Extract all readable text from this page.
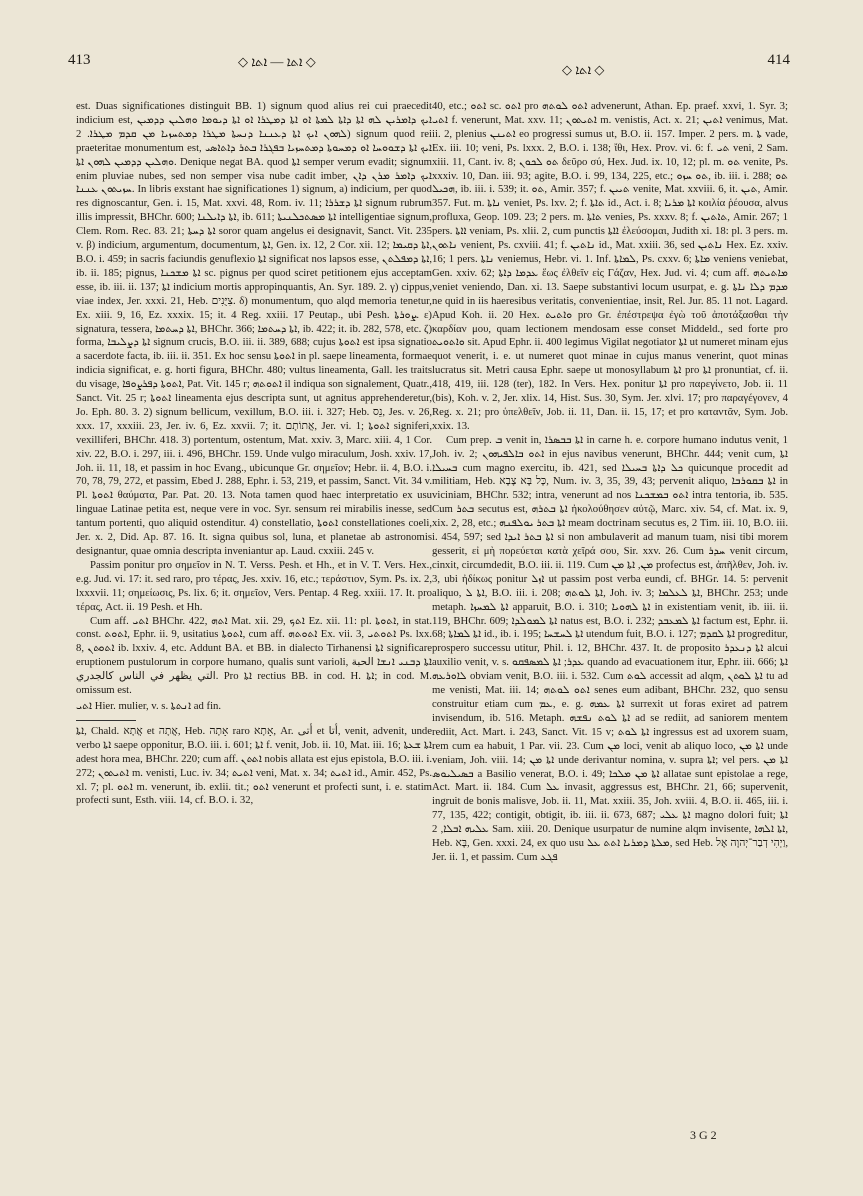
413	◇ ܐܬܐ — ܐܬܐ ◇
◇ ܐܬܐ ◇
414

est. Duas significationes distinguit BB. 1) signum quod alius rei cui praecedit indicium est, ܐܝܟ ܕܐܡܪܝܢ ܠܗ ܐܬܐ ܕܐܬܐ ܠܡܬܐ ܐܘ ܐܬܐ ܕܡܛܪܐ ܐܘ ܐܬܐ ܕܝܘܡܐ ܘܗܠܝܢ ܕܕܡܝܢ ܠܗܘܢ ܐܝܟ ܐܬܐ ܕܥܢܢܐ ܕܢܚܬܐ ܡܛܪܐ ܕܡܬܚܙܝܐ ܡܢ ܩܕܡ ܡܛܪܐ. 2) signum quod rei praeteritae monumentum est, ܐܝܟ ܐܬܐ ܕܫܘܘܚܐ ܐܘ ܕܡܚܘܬܐ ܕܡܬܚܙܝܐ ܒܦܓܪܐ ܒܬܪ ܕܐܬܐܣܝ ܘܗܠܝܢ ܕܕܡܝܢ ܠܗܘܢ ܐܬܐ. Denique negat BA. quod ܐܬܐ semper verum evadit; signum enim pluviae nubes, sed non semper visa nube cadit imber, ܐܝܟ ܕܐܡܪ ܡܪܢ ܕܐܢ ܚܙܝܬܘܢ ܥܢܢܐ. In libris exstant hae significationes 1) signum, a) indicium, per quod res dignoscantur, Gen. i. 15, Mat. xxvi. 48, Rom. iv. 11; ܐܬܐ ܕܫܪܪܐ signum rubrum illis impressit, BHChr. 600; ܐܬܐ ܕܐܝܠܢܐ, ib. 611; ܐܬܐ ܡܣܬܟܠܢܝܬܐ intelligentiae signum, Clem. Rom. Rec. 83. 21; ܐܬܐ ܕܚܬܐ soror quam angelus ei designavit, Sanct. Vit. 235 v. β) indicium, argumentum, documentum, ܐܬܐ, Gen. ix. 12, 2 Cor. xii. 12; ܐܬܐ ܕܩܝܡܐ, B.O. i. 459; in sacris faciundis genuflexio ܐܬܐ significat nos lapsos esse, ܐܬܐ ܕܡܦܠܬܢ, ib. ii. 185; pignus, ܐܬܐ ܡܫܟܢܐ sc. pignus per quod sciret petitionem ejus acceptam esse, ib. iii. ii. 137; ܐܬܐ indicium mortis appropinquantis, An. Syr. 189. 2. γ) cippus, viae index, Jer. xxxi. 21, Heb. צִיֻּנִים. δ) monumentum, quo alqd memoria tenetur, Ex. xiii. 9, 16, Ez. xxxix. 15; it. 4 Reg. xxiii. 17 Peutap., ubi Pesh. ܨܘܪܬܐ. ε) signatura, tessera, ܐܬܐ ܕܚܬܡܐ, BHChr. 366; ܐܬܐ ܕܚܬܡܐ, ib. 422; it. ib. 282, 578, etc. ζ) forma, ܐܬܐ ܕܨܠܝܒܐ signum crucis, B.O. iii. ii. 389, 688; cujus ܐܬܘܬܐ est ipsa signatio a sacerdote facta, ib. iii. ii. 351. Ex hoc sensu ܐܬܘܬܐ in pl. saepe lineamenta, formae indicia significat, e. g. horti figura, BHChr. 480; vultus lineamenta, Gall. les traits du visage, ܐܬܘܬܐ ܕܦܪܨܘܦܐ, Pat. Vit. 145 r; ܐܬܘܬܗ il indiqua son signalement, Quatr., Sanct. Vit. 25 r; ܐܬܘܬܐ lineamenta ejus descripta sunt, ut agnitus apprehenderetur, Jo. Eph. 80. 3. 2) signum bellicum, vexillum, B.O. iii. i. 327; Heb. נֵס, Jes. v. 26, xxx. 17, xxxiii. 23, Jer. iv. 6, Ez. xxvii. 7; it. אֲתוֹתָם, Jer. vi. 1; ܐܬܘܬܐ signiferi, vexilliferi, BHChr. 418. 3) portentum, ostentum, Mat. xxiv. 3, Marc. xiii. 4, 1 Cor. xiv. 22, B.O. i. 297, iii. i. 496, BHChr. 159. Unde vulgo miraculum, Josh. xxiv. 17, Joh. ii. 11, 18, et passim in hoc Evang., ubicunque Gr. σημεῖον; Hebr. ii. 4, B.O. i. 70, 78, 79, 272, et passim, Ebed J. 288, Ephr. i. 53, 219, et passim, Sanct. Vit. 34 v. Pl. ܐܬܘܬܐ θαύματα, Par. Pat. 20. 13. Nota tamen quod haec interpretatio ex usu linguae Latinae petita est, neque vere in voc. Syr. sensum rei mirabilis inesse, sed tantum portenti, quo aliquid ostenditur. 4) constellatio, ܐܬܘܬܐ constellationes coeli, Jer. x. 2, Did. Ap. 87. 16. It. signa quibus sol, luna, et planetae ab astronomis designantur, quae omnia descripta inveniantur ap. Laud. cxxiii. 245 v.

Passim ponitur pro σημεῖον in N. T. Verss. Pesh. et Hh., et in V. T. Vers. Hex., e.g. Jud. vi. 17: it. sed raro, pro τέρας, Jes. xxiv. 16, etc.; τεράστιον, Sym. Ps. ix. 2, lxxxvii. 11; σημείωσις, Ps. lix. 6; it. σημεῖον, Vers. Pentap. 4 Reg. xxiii. 17. It. pro τέρας, Act. ii. 19 Pesh. et Hh.

Cum aff. ܐܬܝ BHChr. 422, ܐܬܗ Mat. xii. 29, ܐܬܟ Ez. xii. 11: pl. ܐܬܘܬܐ, in stat. const. ܐܬܘܬ, Ephr. ii. 9, usitatius ܐܬܘܬܐ, cum aff. ܐܬܘܬܗ Ex. vii. 3, ܐܬܘܬܝ Ps. lxx. 8, ܐܬܘܬܢ ib. lxxiv. 4, etc. Addunt BA. et BB. in dialecto Tirhanensi ܐܬܐ significare eruptionem pustulorum in corpore humano, qualis sunt varioli, ܐܬܐ ܕܒܢܝ ܐܢܫܐ الحبة التي يظهر في الناس كالجدري. Pro ܐܬܐ rectius BB. in cod. H. ܐܬܐ; in cod. M. omissum est.

ܐܬܝ Hier. mulier, v. s. ܐܢܬܬܐ ad fin.

ܐܬܐ, Chald. אֲתָא et אֲתָה, Heb. אָתָה raro אָתָא, Ar. أتى et أتا, venit, advenit, unde verbo ܐܬܐ saepe opponitur, B.O. iii. i. 601; ܐܬܐ f. venit, Job. ii. 10, Mat. iii. 16; ܐܬܐ ܫܥܬܐ adest hora mea, BHChr. 220; cum aff. ܐܬܬܢ nobis allata est ejus epistola, B.O. iii. i. 272; ܐܬܝܬܘܢ m. venisti, Luc. iv. 34; ܐܬܝܬ veni, Mat. x. 34; ܐܬܝܬ id., Amir. 452, Ps. xl. 7; pl. ܐܬܘ m. venerunt, ib. exlii. tit.; ܐܬܘ venerunt et profecti sunt, i. e. statim profecti sunt, Esth. viii. 14, cf. B.O. i. 32,

40, etc.; ܐܬܘ sc. ܐܬܘ pro ܐܬܘ ܠܘܬܗ advenerunt, Athan. Ep. praef. xxvi, 1. Syr. 3; ܐܬܝ f. venerunt, Mat. xxv. 11; ܐܬܝܬܘܢ m. venistis, Act. x. 21; ܐܬܝܢ venimus, Mat. ii. 2, plenius ܐܬܝܢܢ eo progressi sumus ut, B.O. ii. 157. Imper. 2 pers. m. ܬܐ vade, Ex. iii. 10; veni, Ps. lxxx. 2, B.O. i. 138; ἴθι, Hex. Prov. vi. 6: f. ܬܝ veni, 2 Sam. xiii. 11, Cant. iv. 8; ܬܘ ܠܟܘܢ δεῦρο σύ, Hex. Jud. ix. 10, 12; pl. m. ܬܘ venite, Ps. xxxiv. 10, Dan. iii. 93; agite, B.O. i. 99, 134, 225, etc.; ܬܘ ܚܙܘ, ib. iii. i. 288; ܬܘ ܗܟܝܠ, ib. iii. i. 539; it. ܬܘ, Amir. 357; f. ܬܝܝܢ venite, Mat. xxviii. 6, it. ܬܝܢ, Amir. 357. Fut. m. ܢܐܬܐ veniet, Ps. lxv. 2; f. ܬܐܬܐ id., Act. i. 8; ܐܬܐ ܡܪܝܐ κοιλία ῥέουσα, alvus profluxa, Geop. 109. 23; 2 pers. m. ܬܐܬܐ venies, Ps. xxxv. 8; f. ܬܐܬܝܢ, Amir. 267; 1 pers. ܐܐܬܐ veniam, Ps. xlii. 2, cum punctis ܐܐܬܐ ἐλεύσομαι, Judith xi. 18: pl. 3 pers. m. ܢܐܬܘܢ venient, Ps. cxviii. 41; f. ܢܐܬܝܢ id., Mat. xxiii. 36, sed ܢܐܬܝܢ Hex. Ez. xxiv. 16; 1 pers. ܢܐܬܐ veniemus, Hebr. vi. 1. Inf. ܠܡܐܬܐ, Ps. cxxv. 6; ܡܐܬܐ veniens veniebat, Gen. xxiv. 62; ܥܕܡܐ ܕܐܬܐ ἕως ἐλθεῖν εἰς Γάζαν, Hex. Jud. vi. 4; cum aff. ܡܐܬܝܬܗ veniet veniendo, Dan. xi. 13. Saepe substantivi locum usurpat, e. g. ܡܕܡ ܕܠܐ ܢܐܬܐ ne quid in iis haeresibus veritatis, convenientiae, insit, Rel. Jur. 85. 11 not. Lagard. Apud Koh. ii. 20 Hex. ܘܐܬܝܬ pro Gr. ἐπέστρεψα ἐγὼ τοῦ ἀποτάξασθαι τὴν καρδίαν μου, quam lectionem mendosam esse conset Middeld., sed forte pro ܘܐܬܘܝܬ sit. Apud Ephr. ii. 400 legimus Vigilat negotiator ܐܬܐ ut numeret minam ejus quot venerit, i. e. ut numeret quot minae in cujus manus venerint, quot minas lucratus sit. Metri causa Ephr. saepe ut monosyllabum ܐܬܐ pro ܐܬܐ pronuntiat, cf. ii. 418, 419, iii. 128 (ter), 182. In Vers. Hex. ponitur ܐܬܐ pro παρεγίνετο, Job. ii. 11 (bis), Koh. v. 2, Jer. xlix. 14, Hist. Sus. 30, Sym. Jer. xlvi. 17; pro παραγέγονεν, 4 Reg. x. 21; pro ὑπελθεῖν, Job. ii. 11, Dan. ii. 15, 17; et pro καταντᾶν, Sym. Job. xxix. 13.

Cum prep. ܒ venit in, ܐܬܐ ܒܒܣܪܐ in carne h. e. corpore humano indutus venit, 1 Joh. iv. 2; ܐܬܘ ܒܐܠܦܝܗܘܢ in ejus navibus venerunt, BHChr. 444; venit cum, ܐܬܐ ܒܚܝܠܐ cum magno exercitu, ib. 421, sed ܟܠ ܕܐܬܐ ܒܚܝܠܐ quicunque procedit ad militiam, Heb. כָּל בָּא צָבָא, Num. iv. 3, 35, 39, 43; pervenit aliquo, ܐܬܐ ܒܩܘܪܒܐ in viciniam, BHChr. 532; intra, venerunt ad nos ܐܬܘ ܒܡܫܟܢܐ intra tentoria, ib. 535. Cum ܒܬܪ secutus est, ܐܬܐ ܒܬܪܗ ἠκολούθησεν αὐτῷ, Marc. xiv. 54, cf. Mat. ix. 9, xix. 2, 28, etc.; ܐܬܐ ܒܬܪ ܝܘܠܦܢܗ meam doctrinam secutus es, 2 Tim. iii. 10, B.O. iii. i. 454, 597; sed ܐܬܐ ܒܬܪ ܐܝܕܐ si non ambulaverit ad manum tuam, nisi tibi morem gesserit, εἰ μὴ πορεύεται κατὰ χεῖρά σου, Sir. xxv. 26. Cum ܚܕܪ venit circum, cinxit, circumdedit, B.O. iii. ii. 119. Cum ܡܢ, ܐܬܐ ܡܢ profectus est, ἀπῆλθεν, Joh. iv. 3, ubi ἠδίκως ponitur ܐܙܠ ut passim post verba eundi, cf. BHGr. 14. 5: pervenit aliquo, ܐܬܐ ܠ, B.O. iii. i. 208; ܐܬܐ ܠܘܬܗ, Joh. iv. 3; ܐܬܐ ܠܥܠܡܐ, BHChr. 253; unde metaph. ܐܬܐ ܠܡܚܙܐ apparuit, B.O. i. 310; ܐܬܐ ܠܗܘܝܐ in existentiam venit, ib. iii. ii. 119, BHChr. 609; ܐܬܐ ܠܡܘܠܕܐ natus est, B.O. i. 232; ܐܬܐ ܠܡܥܒܕ factum est, Ephr. ii. 68; ܐܬܐ ܠܡܐܬܐ id., ib. i. 195; ܐܬܐ ܠܚܫܚܐ utendum fuit, B.O. i. 127; ܐܬܐ ܠܩܕܡ progreditur, prospero successu utitur, Phil. i. 12, BHChr. 437. It. de proposito ܐܬܐ ܕܢܥܕܪ alcui auxilio venit, v. s. ܥܕܪ; ܐܬܐ ܠܡܣܦܩܘ quando ad evacuationem itur, Ephr. iii. 666; ܐܬܐ ܠܐܘܪܥܗ obviam venit, B.O. iii. i. 532. Cum ܠܘܬ accessit ad alqm, ܐܬܐ ܠܘܬܢ tu ad me venisti, Mat. iii. 14; ܐܬܘ ܠܘܬܗ senes eum adibant, BHChr. 232, quo sensu construitur etiam cum ܥܡ, e. g. ܐܬܐ ܥܡܗ surrexit ut foras exiret ad patrem invisendum, ib. 516. Metaph. ܐܬܐ ܠܘܬ ܢܦܫܗ ad se rediit, ad saniorem mentem rediit, Act. Mart. i. 243, Sanct. Vit. 15 v; ܐܬܐ ܠܘܬ ingressus est ad uxorem suam, rem cum ea habuit, 1 Par. vii. 23. Cum ܡܢ loci, venit ab aliquo loco, ܐܬܐ ܡܢ unde veniam, Joh. viii. 14; ܐܬܐ ܡܢ unde derivantur nomina, v. supra ܐܬܐ; vel pers. ܐܬܐ ܡܢ ܒܣܝܠܝܘܣ a Basilio venerat, B.O. i. 49; ܐܬܐ ܡܢ ܡܠܟܐ allatae sunt epistolae a rege, Act. Mart. ii. 184. Cum ܥܠ invasit, aggressus est, BHChr. 21, 66; supervenit, ingruit de bonis malisve, Job. ii. 11, Mat. xxiii. 35, Joh. xviii. 4, B.O. ii. 465, iii. i. 77, 135, 422; contigit, obtigit, ib. iii. ii. 673, 687; ܐܬܐ ܥܠܝ magno dolori fuit; ܐܬܐ ܥܠܝܗ ܐܒܠܐ, 2 Sam. xiii. 20. Denique usurpatur de numine alqm invisente, ܐܬܐ ܐܠܗܐ, Heb. בָּא, Gen. xxxi. 24, ex quo usu ܡܠܬܐ ܕܡܪܝܐ ܐܬܬ ܥܠ, sed Heb. וַיְהִי דְבַר־יְהוָה אֶל, Jer. ii. 1, et passim. Cum ܦܓܥ

3 G 2
